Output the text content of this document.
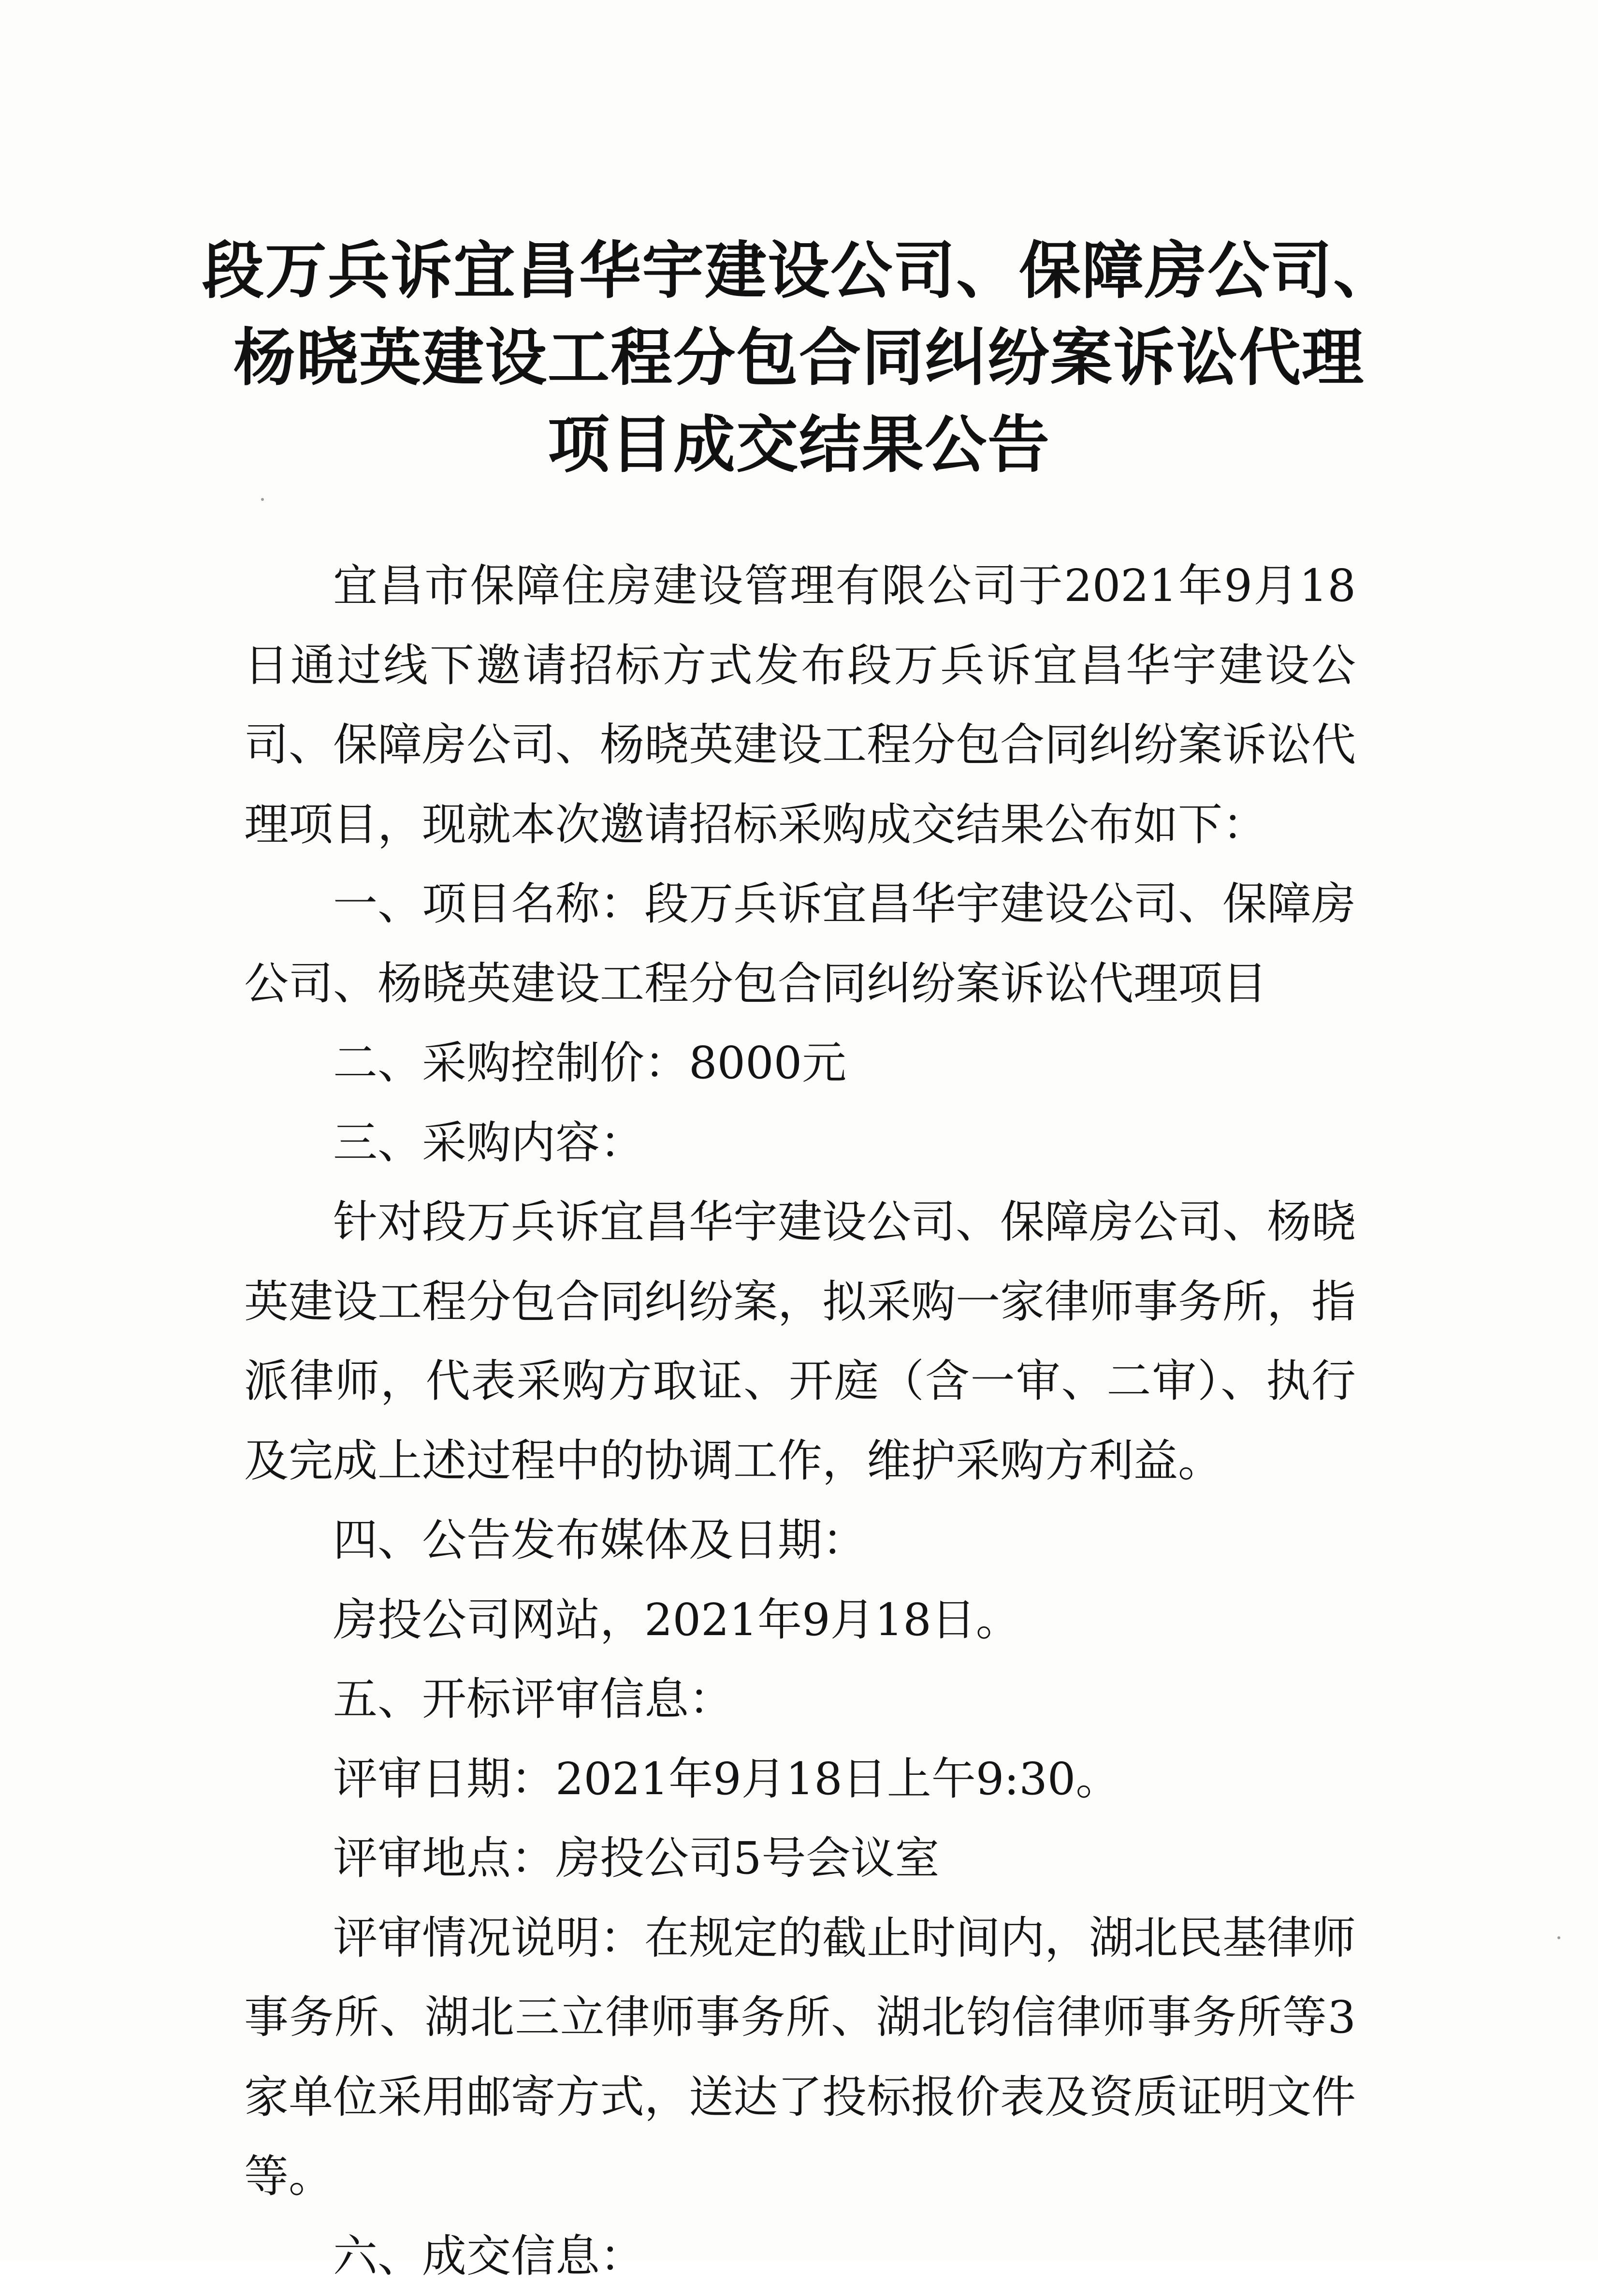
段万兵诉宜昌华宇建设公司、保障房公司、
杨晓英建设工程分包合同纠纷案诉讼代理
项目成交结果公告

宜昌市保障住房建设管理有限公司于2021年9月18日通过线下邀请招标方式发布段万兵诉宜昌华宇建设公司、保障房公司、杨晓英建设工程分包合同纠纷案诉讼代理项目，现就本次邀请招标采购成交结果公布如下：

一、项目名称：段万兵诉宜昌华宇建设公司、保障房公司、杨晓英建设工程分包合同纠纷案诉讼代理项目

二、采购控制价：8000元

三、采购内容：

针对段万兵诉宜昌华宇建设公司、保障房公司、杨晓英建设工程分包合同纠纷案，拟采购一家律师事务所，指派律师，代表采购方取证、开庭（含一审、二审）、执行及完成上述过程中的协调工作，维护采购方利益。

四、公告发布媒体及日期：

房投公司网站，2021年9月18日。

五、开标评审信息：

评审日期：2021年9月18日上午9:30。

评审地点：房投公司5号会议室

评审情况说明：在规定的截止时间内，湖北民基律师事务所、湖北三立律师事务所、湖北钧信律师事务所等3家单位采用邮寄方式，送达了投标报价表及资质证明文件等。

六、成交信息：
